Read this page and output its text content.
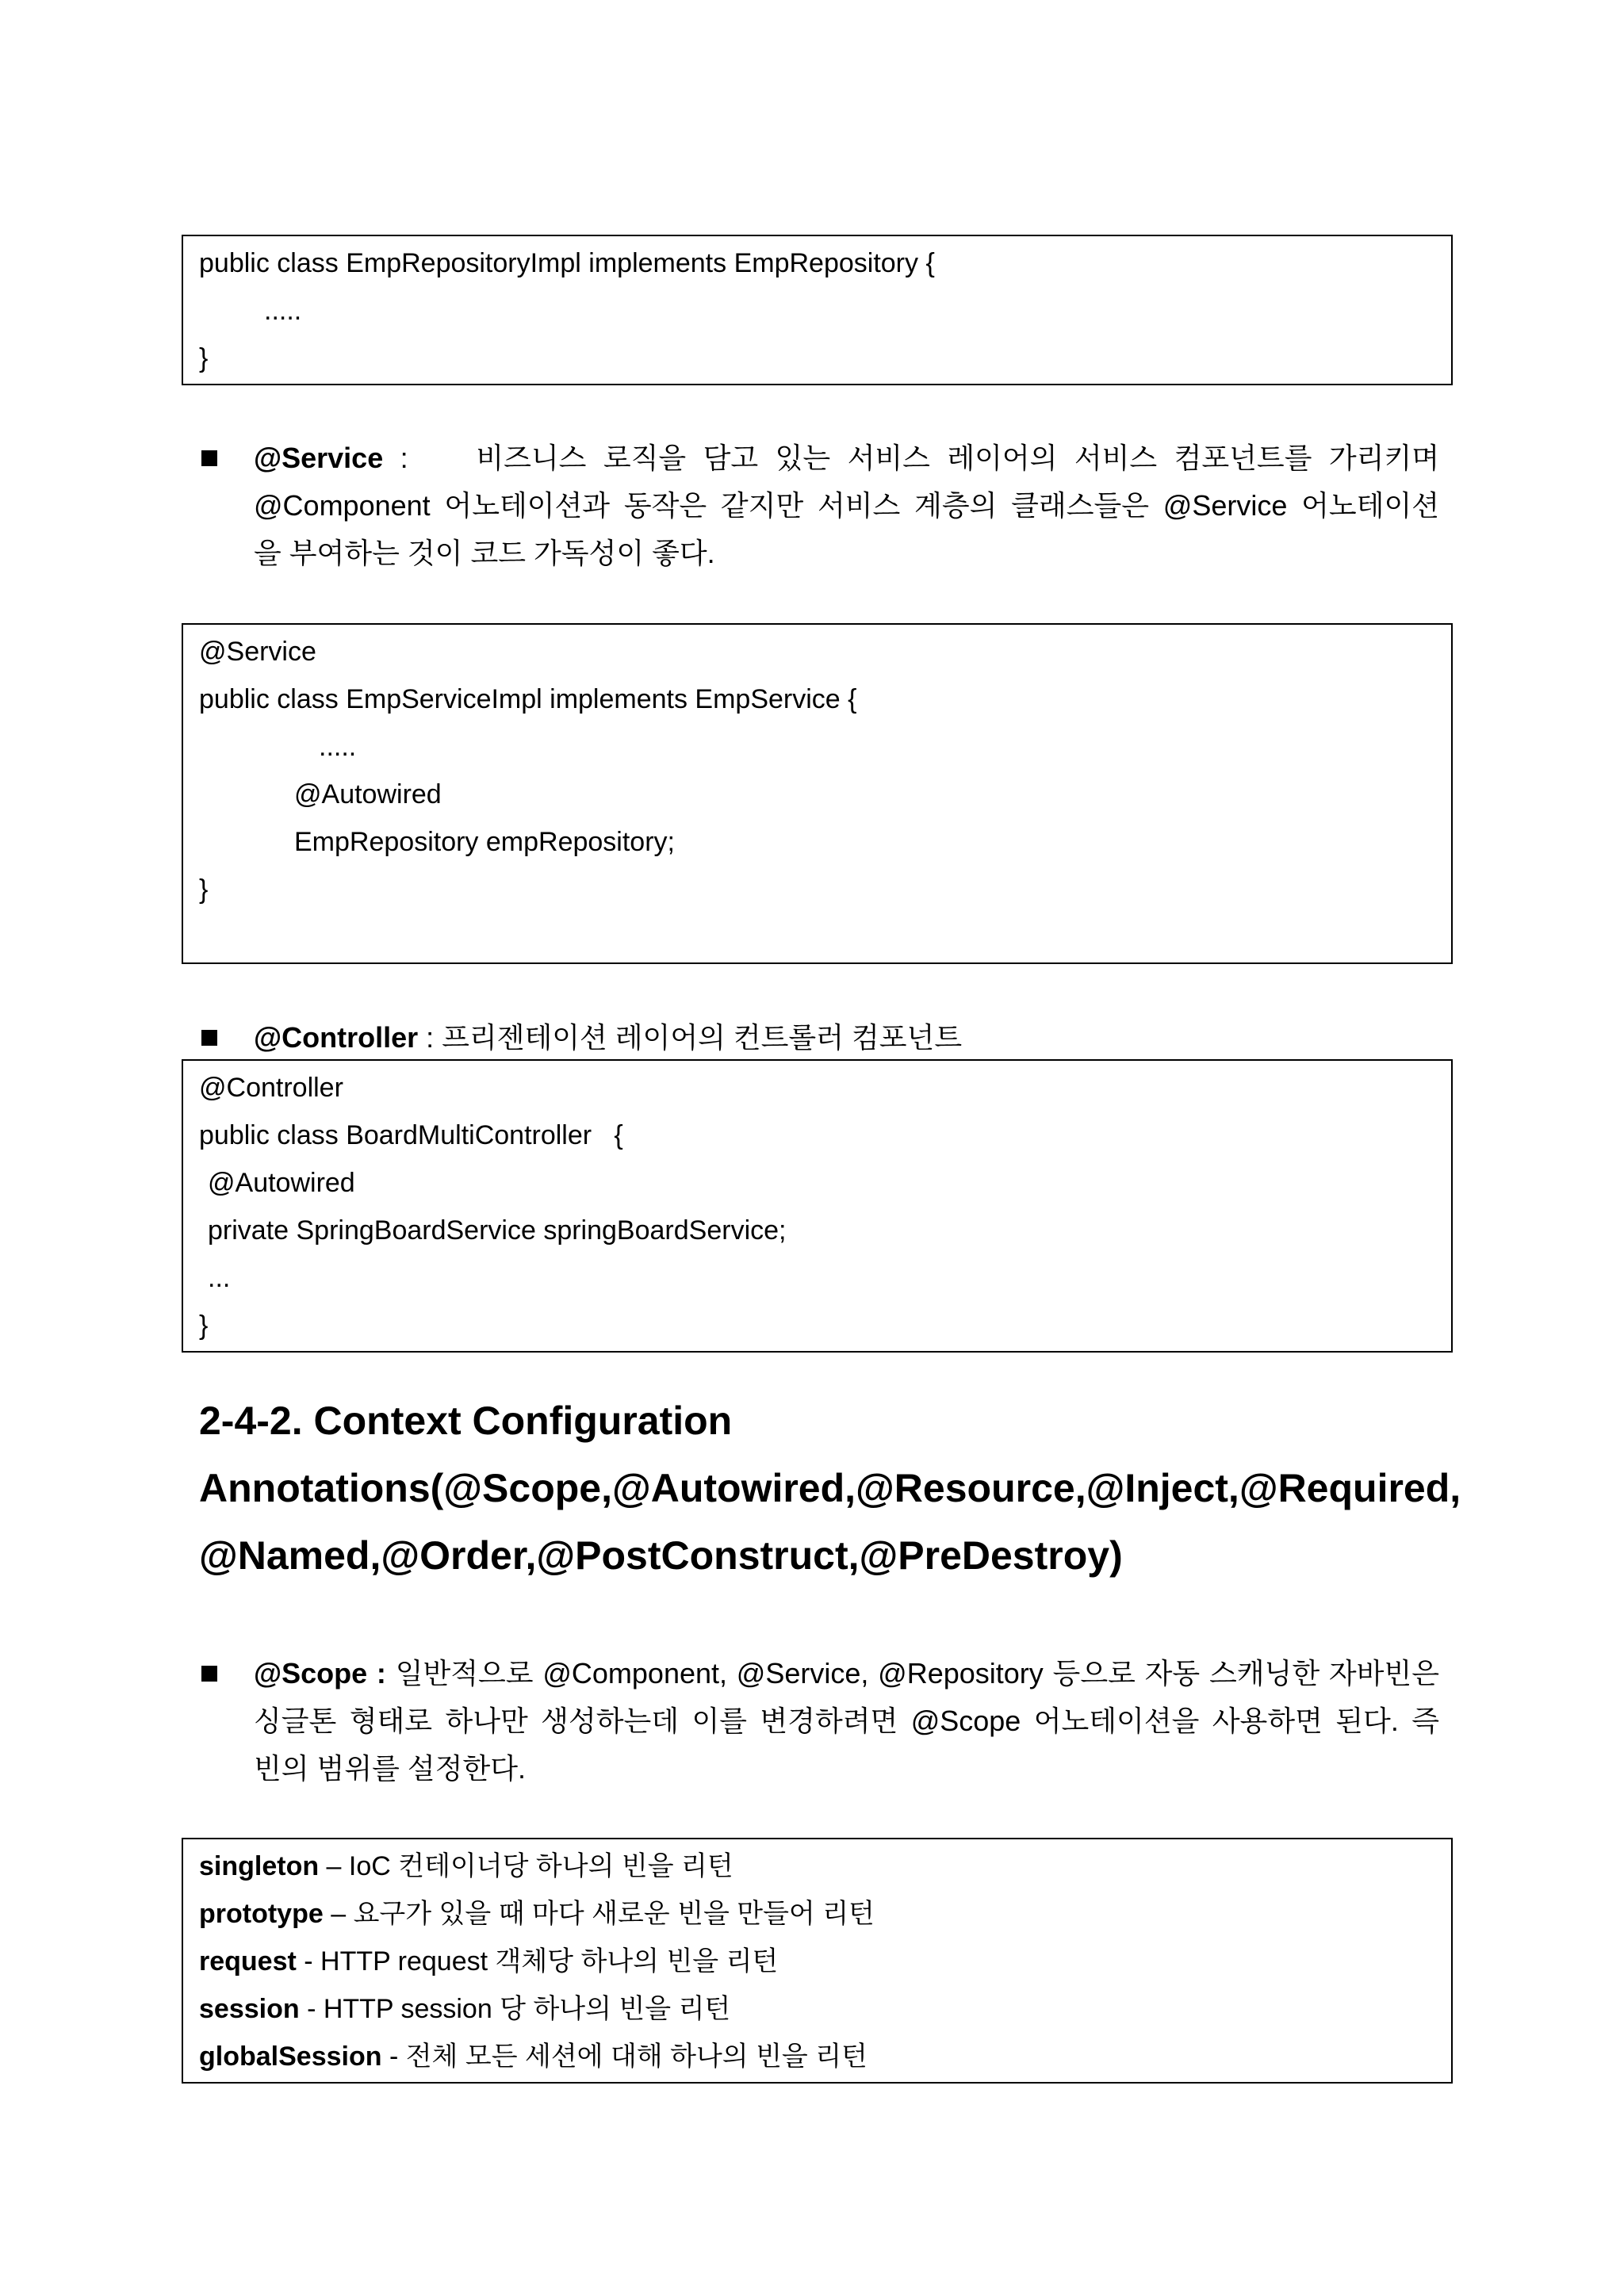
public class EmpRepositoryImpl implements EmpRepository {
.....
}
@Service : 비즈니스 로직을 담고 있는 서비스 레이어의 서비스 컴포넌트를 가리키며
@Component 어노테이션과 동작은 같지만 서비스 계층의 클래스들은 @Service 어노테이션
을 부여하는 것이 코드 가독성이 좋다.
@Service
public class EmpServiceImpl implements EmpService {
.....
@Autowired
EmpRepository empRepository;
}
@Controller : 프리젠테이션 레이어의 컨트롤러 컴포넌트
@Controller
public class BoardMultiController   {
@Autowired
private SpringBoardService springBoardService;
...
}
2-4-2. Context Configuration
Annotations(@Scope,@Autowired,@Resource,@Inject,@Required,
@Named,@Order,@PostConstruct,@PreDestroy)
@Scope : 일반적으로 @Component, @Service, @Repository 등으로 자동 스캐닝한 자바빈은
싱글톤 형태로 하나만 생성하는데 이를 변경하려면 @Scope 어노테이션을 사용하면 된다. 즉
빈의 범위를 설정한다.
singleton – IoC 컨테이너당 하나의 빈을 리턴
prototype – 요구가 있을 때 마다 새로운 빈을 만들어 리턴
request - HTTP request 객체당 하나의 빈을 리턴
session - HTTP session 당 하나의 빈을 리턴
globalSession - 전체 모든 세션에 대해 하나의 빈을 리턴
